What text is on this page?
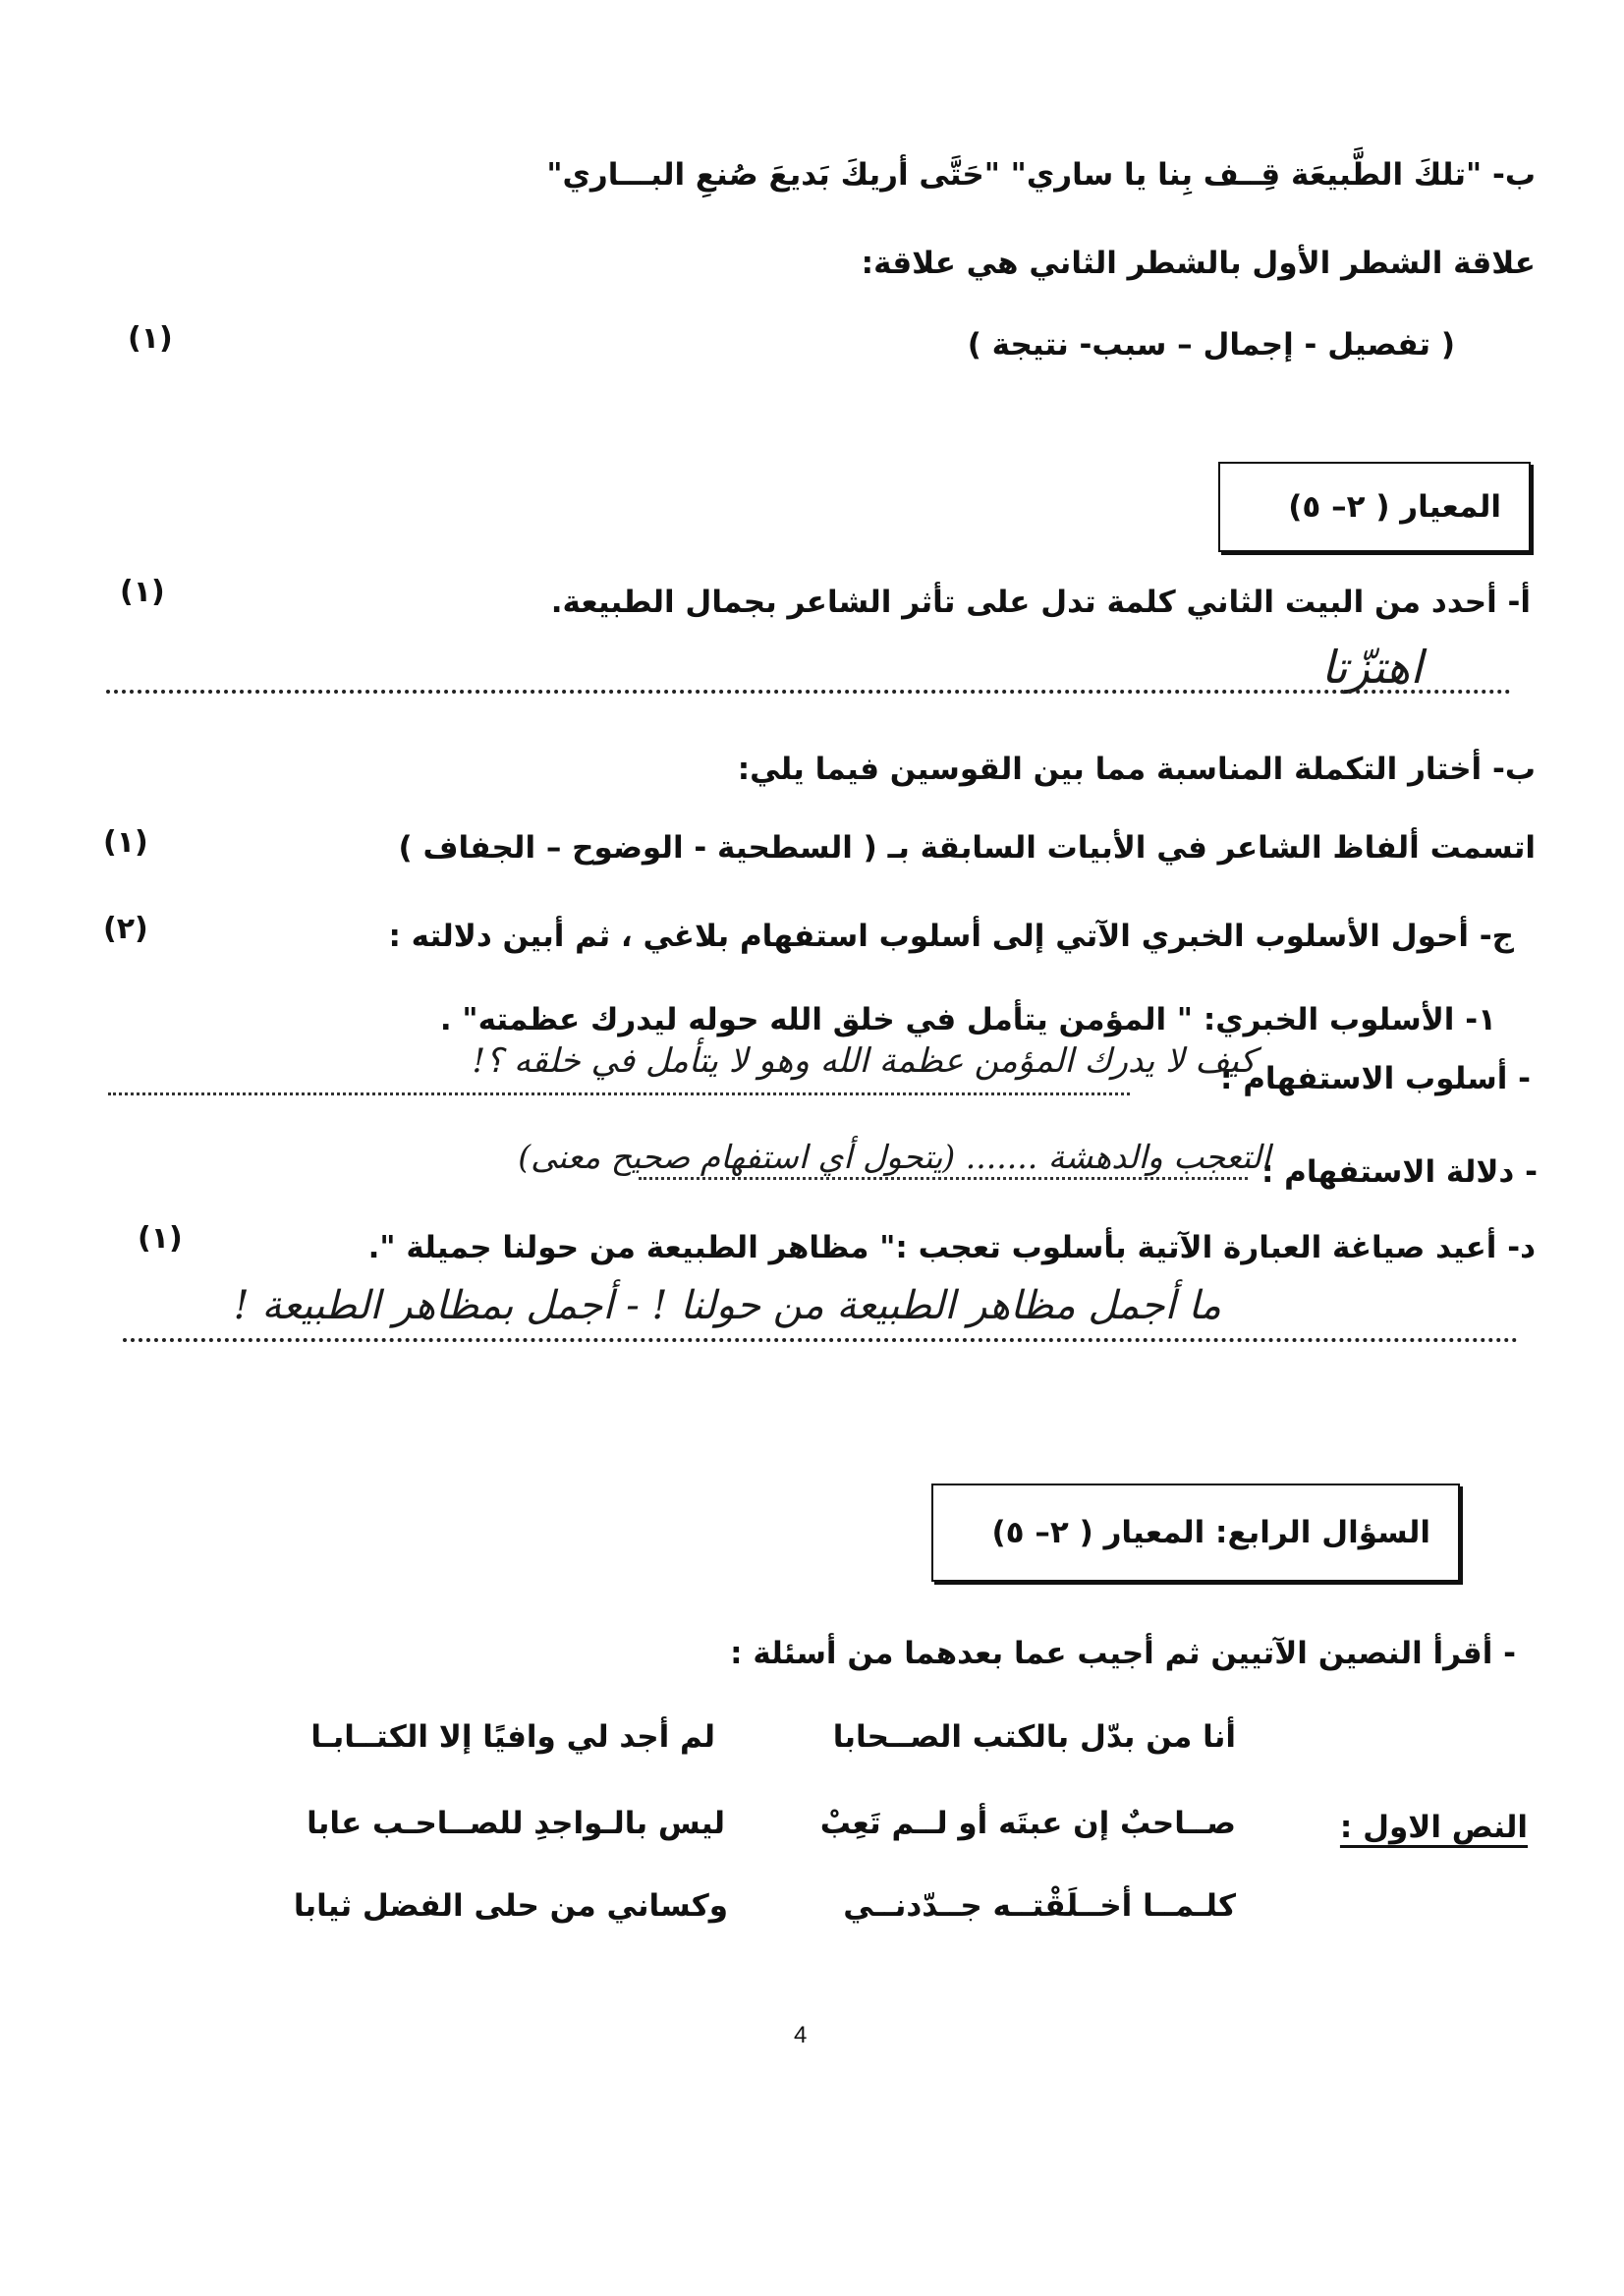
ب- "تلكَ الطَّبيعَة قِــف بِنا يا ساري" "حَتَّى أريكَ بَديعَ صُنعِ البـــاري"
علاقة الشطر الأول بالشطر الثاني هي علاقة:
( تفصيل - إجمال – سبب- نتيجة )
(١)
المعيار ( ٢– ٥)
أ- أحدد من البيت الثاني كلمة تدل على تأثر الشاعر بجمال الطبيعة.
(١)
اهتزّتا
ب- أختار التكملة المناسبة مما بين القوسين فيما يلي:
اتسمت ألفاظ الشاعر في الأبيات السابقة بـ ( السطحية - الوضوح – الجفاف )
(١)
ج- أحول الأسلوب الخبري الآتي إلى أسلوب استفهام بلاغي ، ثم أبين دلالته :
(٢)
١- الأسلوب الخبري: " المؤمن يتأمل في خلق الله حوله ليدرك عظمته" .
- أسلوب الاستفهام :
كيف لا يدرك المؤمن عظمة الله وهو لا يتأمل في خلقه ؟!
- دلالة الاستفهام :
التعجب والدهشة ....... (يتحول أي استفهام صحيح معنى)
د- أعيد صياغة العبارة الآتية بأسلوب تعجب :" مظاهر الطبيعة من حولنا جميلة ".
(١)
ما أجمل مظاهر الطبيعة من حولنا ! - أجمل بمظاهر الطبيعة !
السؤال الرابع: المعيار ( ٢– ٥)
- أقرأ النصين الآتيين ثم أجيب عما بعدهما من أسئلة :
النص الاول :
أنا من بدّل بالكتب الصــحابا
لم أجد لي وافيًا إلا الكتــابـا
صــاحبٌ إن عبتَه أو لــم تَعِبْ
ليس بالـواجدِ للصــاحـب عابا
كلـمــا أخــلَقْتــه جــدّدنــي
وكساني من حلى الفضل ثيابا
4
